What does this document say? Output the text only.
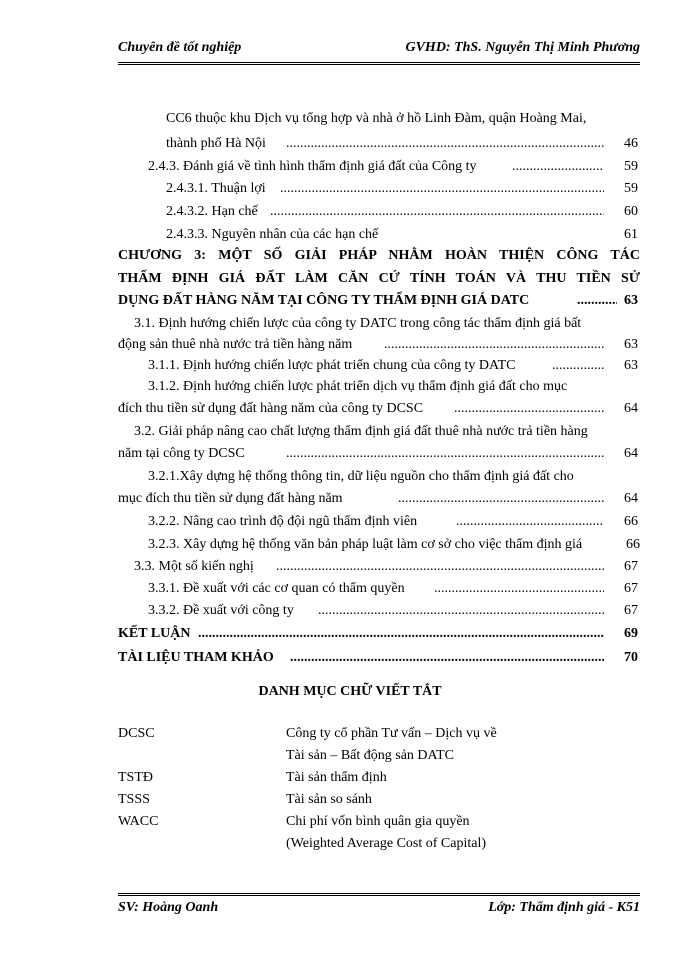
Chuyên đề tốt nghiệp	GVHD: ThS. Nguyễn Thị Minh Phương
CC6 thuộc khu Dịch vụ tổng hợp và nhà ở hồ Linh Đàm, quận Hoàng Mai,
thành phố Hà Nội .....	46
2.4.3. Đánh giá về tình hình thẩm định giá đất của Công ty .....	59
2.4.3.1. Thuận lợi .....	59
2.4.3.2. Hạn chế .....	60
2.4.3.3. Nguyên nhân của các hạn chế	61
CHƯƠNG 3: MỘT SỐ GIẢI PHÁP NHẰM HOÀN THIỆN CÔNG TÁC
THẨM ĐỊNH GIÁ ĐẤT LÀM CĂN CỨ TÍNH TOÁN VÀ THU TIỀN SỬ
DỤNG ĐẤT HÀNG NĂM TẠI CÔNG TY THẨM ĐỊNH GIÁ DATC .....	63
3.1. Định hướng chiến lược của công ty DATC trong công tác thẩm định giá bất
động sản thuê nhà nước trả tiền hàng năm .....	63
3.1.1. Định hướng chiến lược phát triển chung của công ty DATC .....	63
3.1.2. Định hướng chiến lược phát triển dịch vụ thẩm định giá đất cho mục
đích thu tiền sử dụng đất hàng năm của công ty DCSC .....	64
3.2. Giải pháp nâng cao chất lượng thẩm định giá đất thuê nhà nước trả tiền hàng
năm tại công ty DCSC .....	64
3.2.1.Xây dựng hệ thống thông tin, dữ liệu nguồn cho thẩm định giá đất cho
mục đích thu tiền sử dụng đất hàng năm .....	64
3.2.2. Nâng cao trình độ đội ngũ thẩm định viên .....	66
3.2.3. Xây dựng hệ thống văn bản pháp luật làm cơ sở cho việc thẩm định giá	66
3.3. Một số kiến nghị .....	67
3.3.1. Đề xuất với các cơ quan có thẩm quyền .....	67
3.3.2. Đề xuất với công ty .....	67
KẾT LUẬN .....	69
TÀI LIỆU THAM KHẢO .....	70
DANH MỤC CHỮ VIẾT TẮT
DCSC	Công ty cổ phần Tư vấn – Dịch vụ về
Tài sản – Bất động sản DATC
TSTĐ	Tài sản thẩm định
TSSS	Tài sản so sánh
WACC	Chi phí vốn bình quân gia quyền
(Weighted Average Cost of Capital)
SV: Hoàng Oanh	Lớp: Thẩm định giá - K51
